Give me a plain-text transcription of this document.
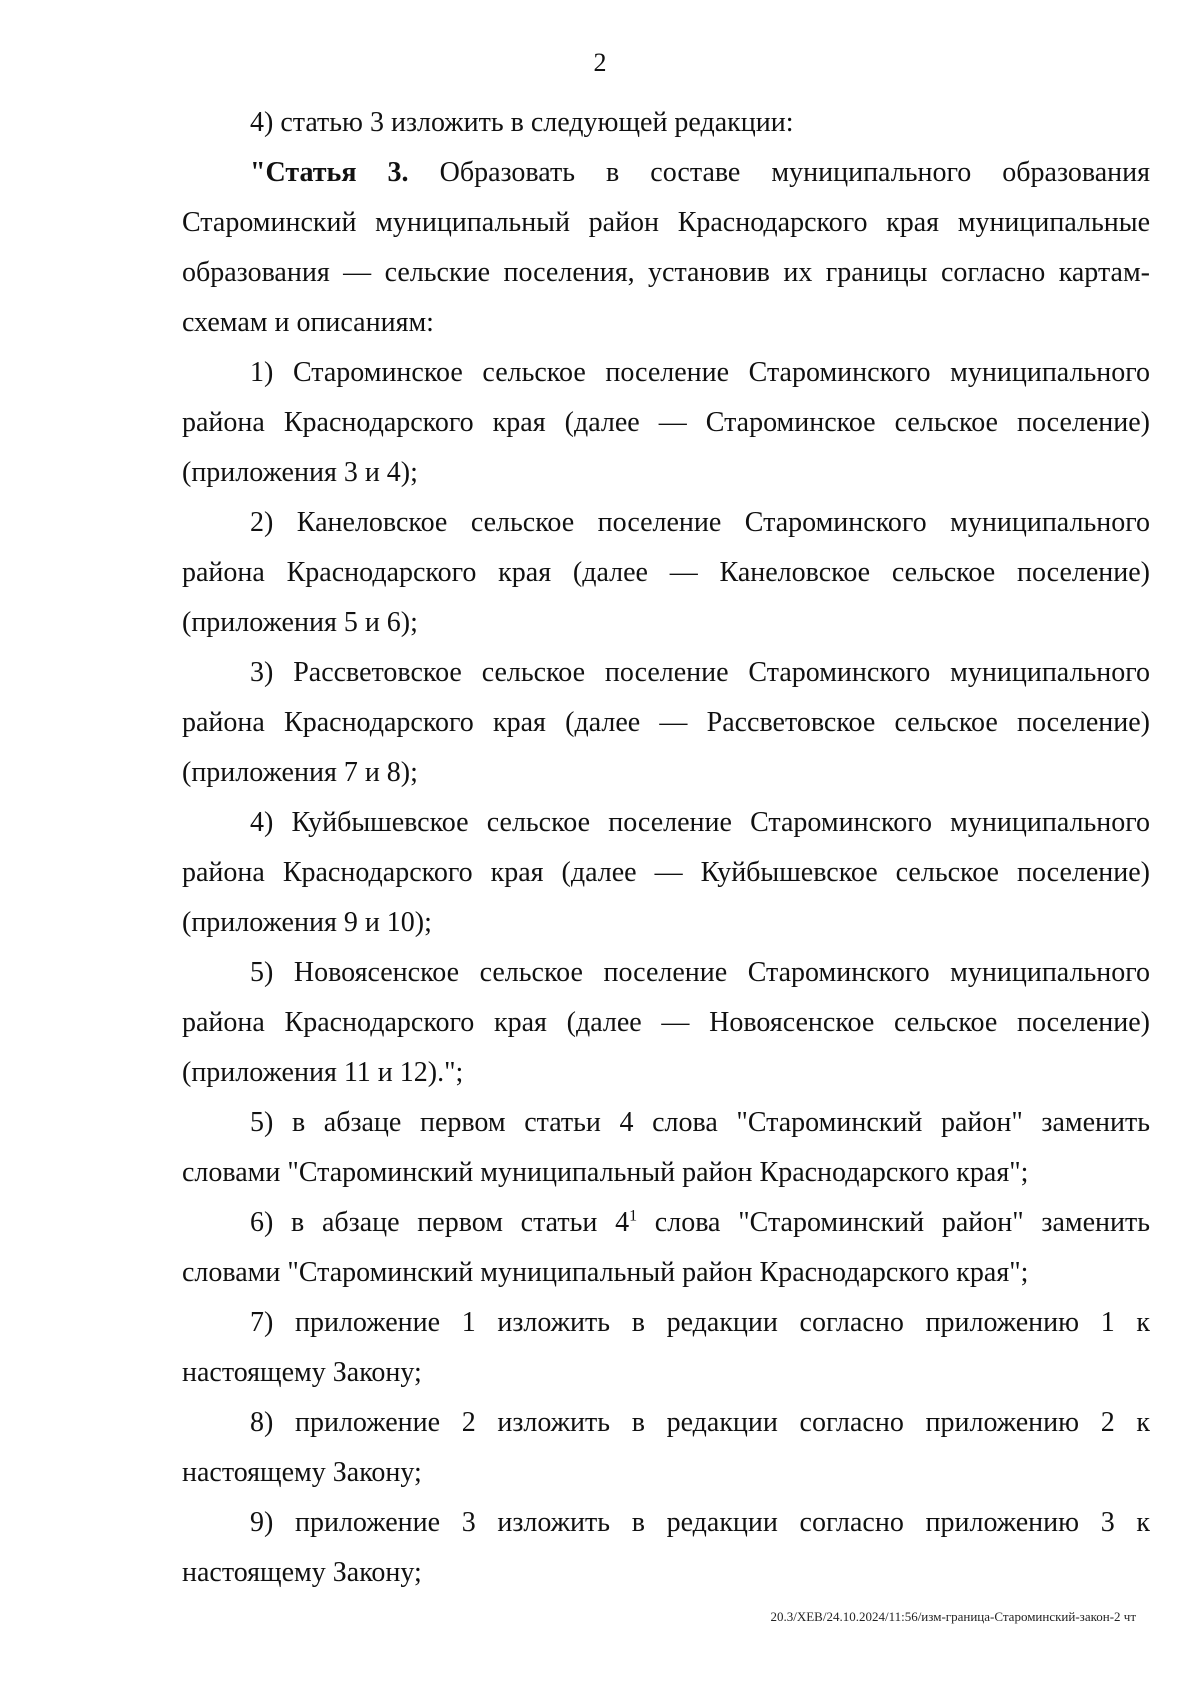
2

4) статью 3 изложить в следующей редакции:

"Статья 3. Образовать в составе муниципального образования Староминский муниципальный район Краснодарского края муниципальные образования — сельские поселения, установив их границы согласно картам-схемам и описаниям:

1) Староминское сельское поселение Староминского муниципального района Краснодарского края (далее — Староминское сельское поселение) (приложения 3 и 4);

2) Канеловское сельское поселение Староминского муниципального района Краснодарского края (далее — Канеловское сельское поселение) (приложения 5 и 6);

3) Рассветовское сельское поселение Староминского муниципального района Краснодарского края (далее — Рассветовское сельское поселение) (приложения 7 и 8);

4) Куйбышевское сельское поселение Староминского муниципального района Краснодарского края (далее — Куйбышевское сельское поселение) (приложения 9 и 10);

5) Новоясенское сельское поселение Староминского муниципального района Краснодарского края (далее — Новоясенское сельское поселение) (приложения 11 и 12).";

5) в абзаце первом статьи 4 слова "Староминский район" заменить словами "Староминский муниципальный район Краснодарского края";

6) в абзаце первом статьи $4^1$ слова "Староминский район" заменить словами "Староминский муниципальный район Краснодарского края";

7) приложение 1 изложить в редакции согласно приложению 1 к настоящему Закону;

8) приложение 2 изложить в редакции согласно приложению 2 к настоящему Закону;

9) приложение 3 изложить в редакции согласно приложению 3 к настоящему Закону;

20.3/ХЕВ/24.10.2024/11:56/изм-граница-Староминский-закон-2 чт
